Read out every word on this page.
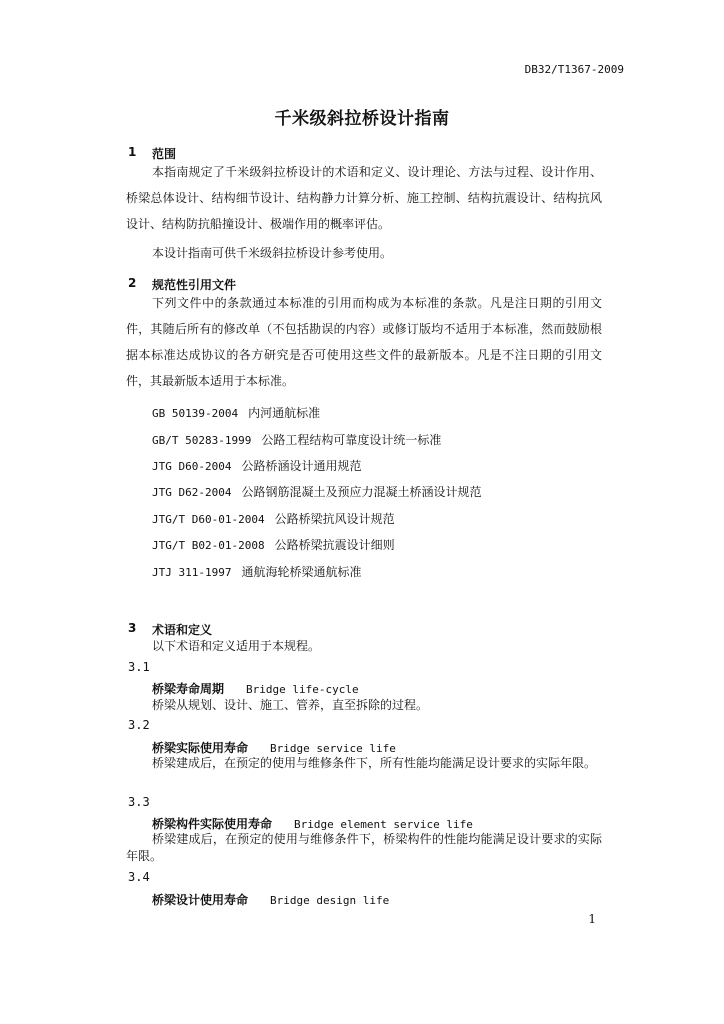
DB32/T1367-2009
千米级斜拉桥设计指南
1 范围
本指南规定了千米级斜拉桥设计的术语和定义、设计理论、方法与过程、设计作用、桥梁总体设计、结构细节设计、结构静力计算分析、施工控制、结构抗震设计、结构抗风设计、结构防抗船撞设计、极端作用的概率评估。
本设计指南可供千米级斜拉桥设计参考使用。
2 规范性引用文件
下列文件中的条款通过本标准的引用而构成为本标准的条款。凡是注日期的引用文件，其随后所有的修改单（不包括勘误的内容）或修订版均不适用于本标准，然而鼓励根据本标准达成协议的各方研究是否可使用这些文件的最新版本。凡是不注日期的引用文件，其最新版本适用于本标准。
GB 50139-2004 内河通航标准
GB/T 50283-1999 公路工程结构可靠度设计统一标准
JTG D60-2004 公路桥涵设计通用规范
JTG D62-2004 公路钢筋混凝土及预应力混凝土桥涵设计规范
JTG/T D60-01-2004 公路桥梁抗风设计规范
JTG/T B02-01-2008 公路桥梁抗震设计细则
JTJ 311-1997 通航海轮桥梁通航标准
3 术语和定义
以下术语和定义适用于本规程。
3.1
桥梁寿命周期 Bridge life-cycle
桥梁从规划、设计、施工、管养，直至拆除的过程。
3.2
桥梁实际使用寿命 Bridge service life
桥梁建成后，在预定的使用与维修条件下，所有性能均能满足设计要求的实际年限。
3.3
桥梁构件实际使用寿命 Bridge element service life
桥梁建成后，在预定的使用与维修条件下，桥梁构件的性能均能满足设计要求的实际年限。
3.4
桥梁设计使用寿命 Bridge design life
1
